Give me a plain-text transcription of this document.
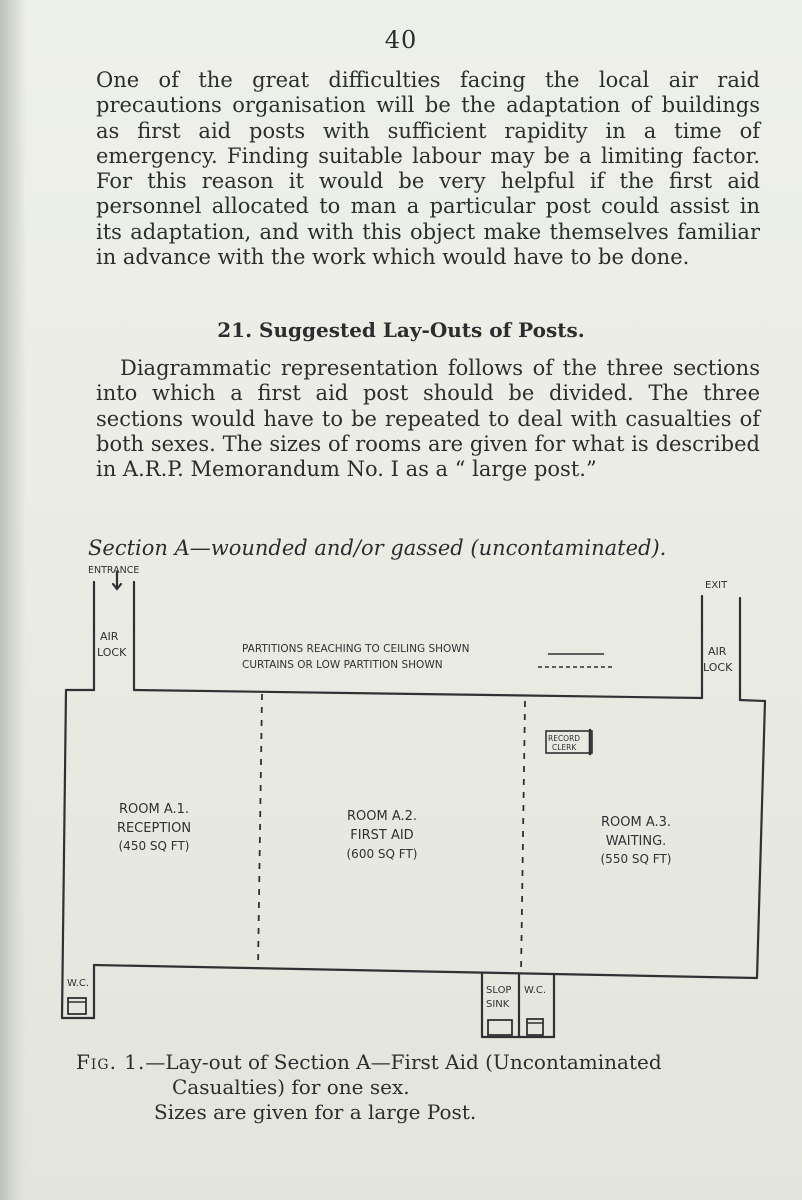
40

One of the great difficulties facing the local air raid precautions organisation will be the adaptation of buildings as first aid posts with sufficient rapidity in a time of emergency. Finding suitable labour may be a limiting factor. For this reason it would be very helpful if the first aid personnel allocated to man a particular post could assist in its adaptation, and with this object make themselves familiar in advance with the work which would have to be done.

21. Suggested Lay-Outs of Posts.

Diagrammatic representation follows of the three sections into which a first aid post should be divided. The three sections would have to be repeated to deal with casualties of both sexes. The sizes of rooms are given for what is described in A.R.P. Memorandum No. I as a “ large post.”

Section A—wounded and/or gassed (uncontaminated).
ENTRANCE
EXIT
AIR
LOCK	AIR
LOCK
PARTITIONS REACHING TO CEILING SHOWN
CURTAINS OR LOW PARTITION SHOWN
RECORD
CLERK
ROOM A.1.
RECEPTION
(450 SQ FT)
ROOM A.2.
FIRST AID
(600 SQ FT)
ROOM A.3.
WAITING.
(550 SQ FT)
W.C.
SLOP
SINK
W.C.

Fig. 1.—Lay-out of Section A—First Aid (Uncontaminated
Casualties) for one sex.
Sizes are given for a large Post.
